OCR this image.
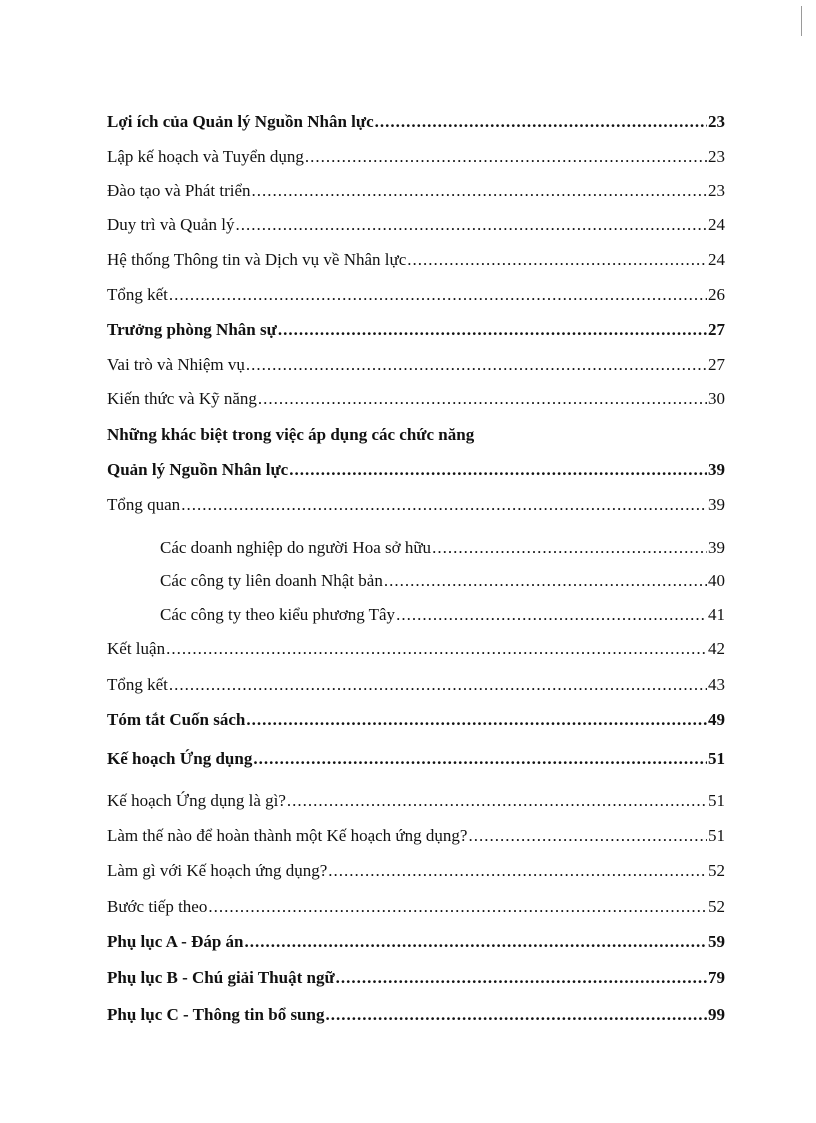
Lợi ích của Quản lý Nguồn Nhân lực .....	23
Lập kế hoạch và Tuyển dụng .....	23
Đào tạo và Phát triển .....	23
Duy trì và Quản lý .....	24
Hệ thống Thông tin và Dịch vụ về Nhân lực .....	24
Tổng kết .....	26
Trưởng phòng Nhân sự .....	27
Vai trò và Nhiệm vụ .....	27
Kiến thức và Kỹ năng .....	30
Những khác biệt trong việc áp dụng các chức năng
Quản lý Nguồn Nhân lực .....	39
Tổng quan .....	39
Các doanh nghiệp do người Hoa sở hữu .....	39
Các công ty liên doanh Nhật bản .....	40
Các công ty theo kiểu phương Tây .....	41
Kết luận .....	42
Tổng kết .....	43
Tóm tắt Cuốn sách .....	49
Kế hoạch Ứng dụng .....	51
Kế hoạch Ứng dụng là gì? .....	51
Làm thế nào để hoàn thành một Kế hoạch ứng dụng? .....	51
Làm gì với Kế hoạch ứng dụng? .....	52
Bước tiếp theo .....	52
Phụ lục A - Đáp án .....	59
Phụ lục B - Chú giải Thuật ngữ .....	79
Phụ lục C - Thông tin bổ sung .....	99
